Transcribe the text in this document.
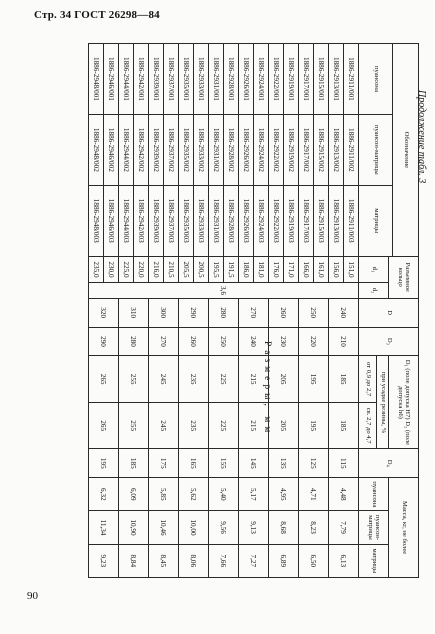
Стр. 34 ГОСТ 26298—84
Продолжение табл. 3
Размеры, мм
90
Обозначение			Разъемное кольцо		D	D₃	D₁ (поле допуска H7) D₂ (поле допуска h6)		D₄	Масса, кг, не более		
пуансона	пуансон-матрицы	матрицы										
			d₁	d₂			при усадке резины, %			пуансона	пуансон-матрицы	матрицы
							от 0,9 до 2,7	св. 2,7 до 4,7				
1886-2911/001	1886-2911/002	1886-2911/003	151,0	3,6	240	210	185	185	115	4,48	7,79	6,13
1886-2913/001	1886-2913/002	1886-2913/003	156,0									
1886-2915/001	1886-2915/002	1886-2915/003	161,0		250	220	195	195	125	4,71	8,23	6,50
1886-2917/001	1886-2917/002	1886-2917/003	166,0									
1886-2919/001	1886-2919/002	1886-2919/003	171,0		260	230	205	205	135	4,95	8,68	6,89
1886-2922/001	1886-2922/002	1886-2922/003	176,0									
1886-2924/001	1886-2924/002	1886-2924/003	181,0		270	240	215	215	145	5,17	9,13	7,27
1886-2926/001	1886-2926/002	1886-2926/003	186,0									
1886-2928/001	1886-2928/002	1886-2928/003	191,5		280	250	225	225	155	5,40	9,56	7,66
1886-2931/001	1886-2931/002	1886-2931/003	195,5									
1886-2933/001	1886-2933/002	1886-2933/003	200,5		290	260	235	235	165	5,62	10,00	8,06
1886-2935/001	1886-2935/002	1886-2935/003	205,5									
1886-2937/001	1886-2937/002	1886-2937/003	210,5		300	270	245	245	175	5,85	10,46	8,45
1886-2939/001	1886-2939/002	1886-2939/003	216,0									
1886-2942/001	1886-2942/002	1886-2942/003	220,0		310	280	255	255	185	6,09	10,90	8,84
1886-2944/001	1886-2944/002	1886-2944/003	225,0									
1886-2946/001	1886-2946/002	1886-2946/003	230,0		320	290	265	265	195	6,32	11,34	9,23
1886-2948/001	1886-2948/002	1886-2948/003	235,0									
